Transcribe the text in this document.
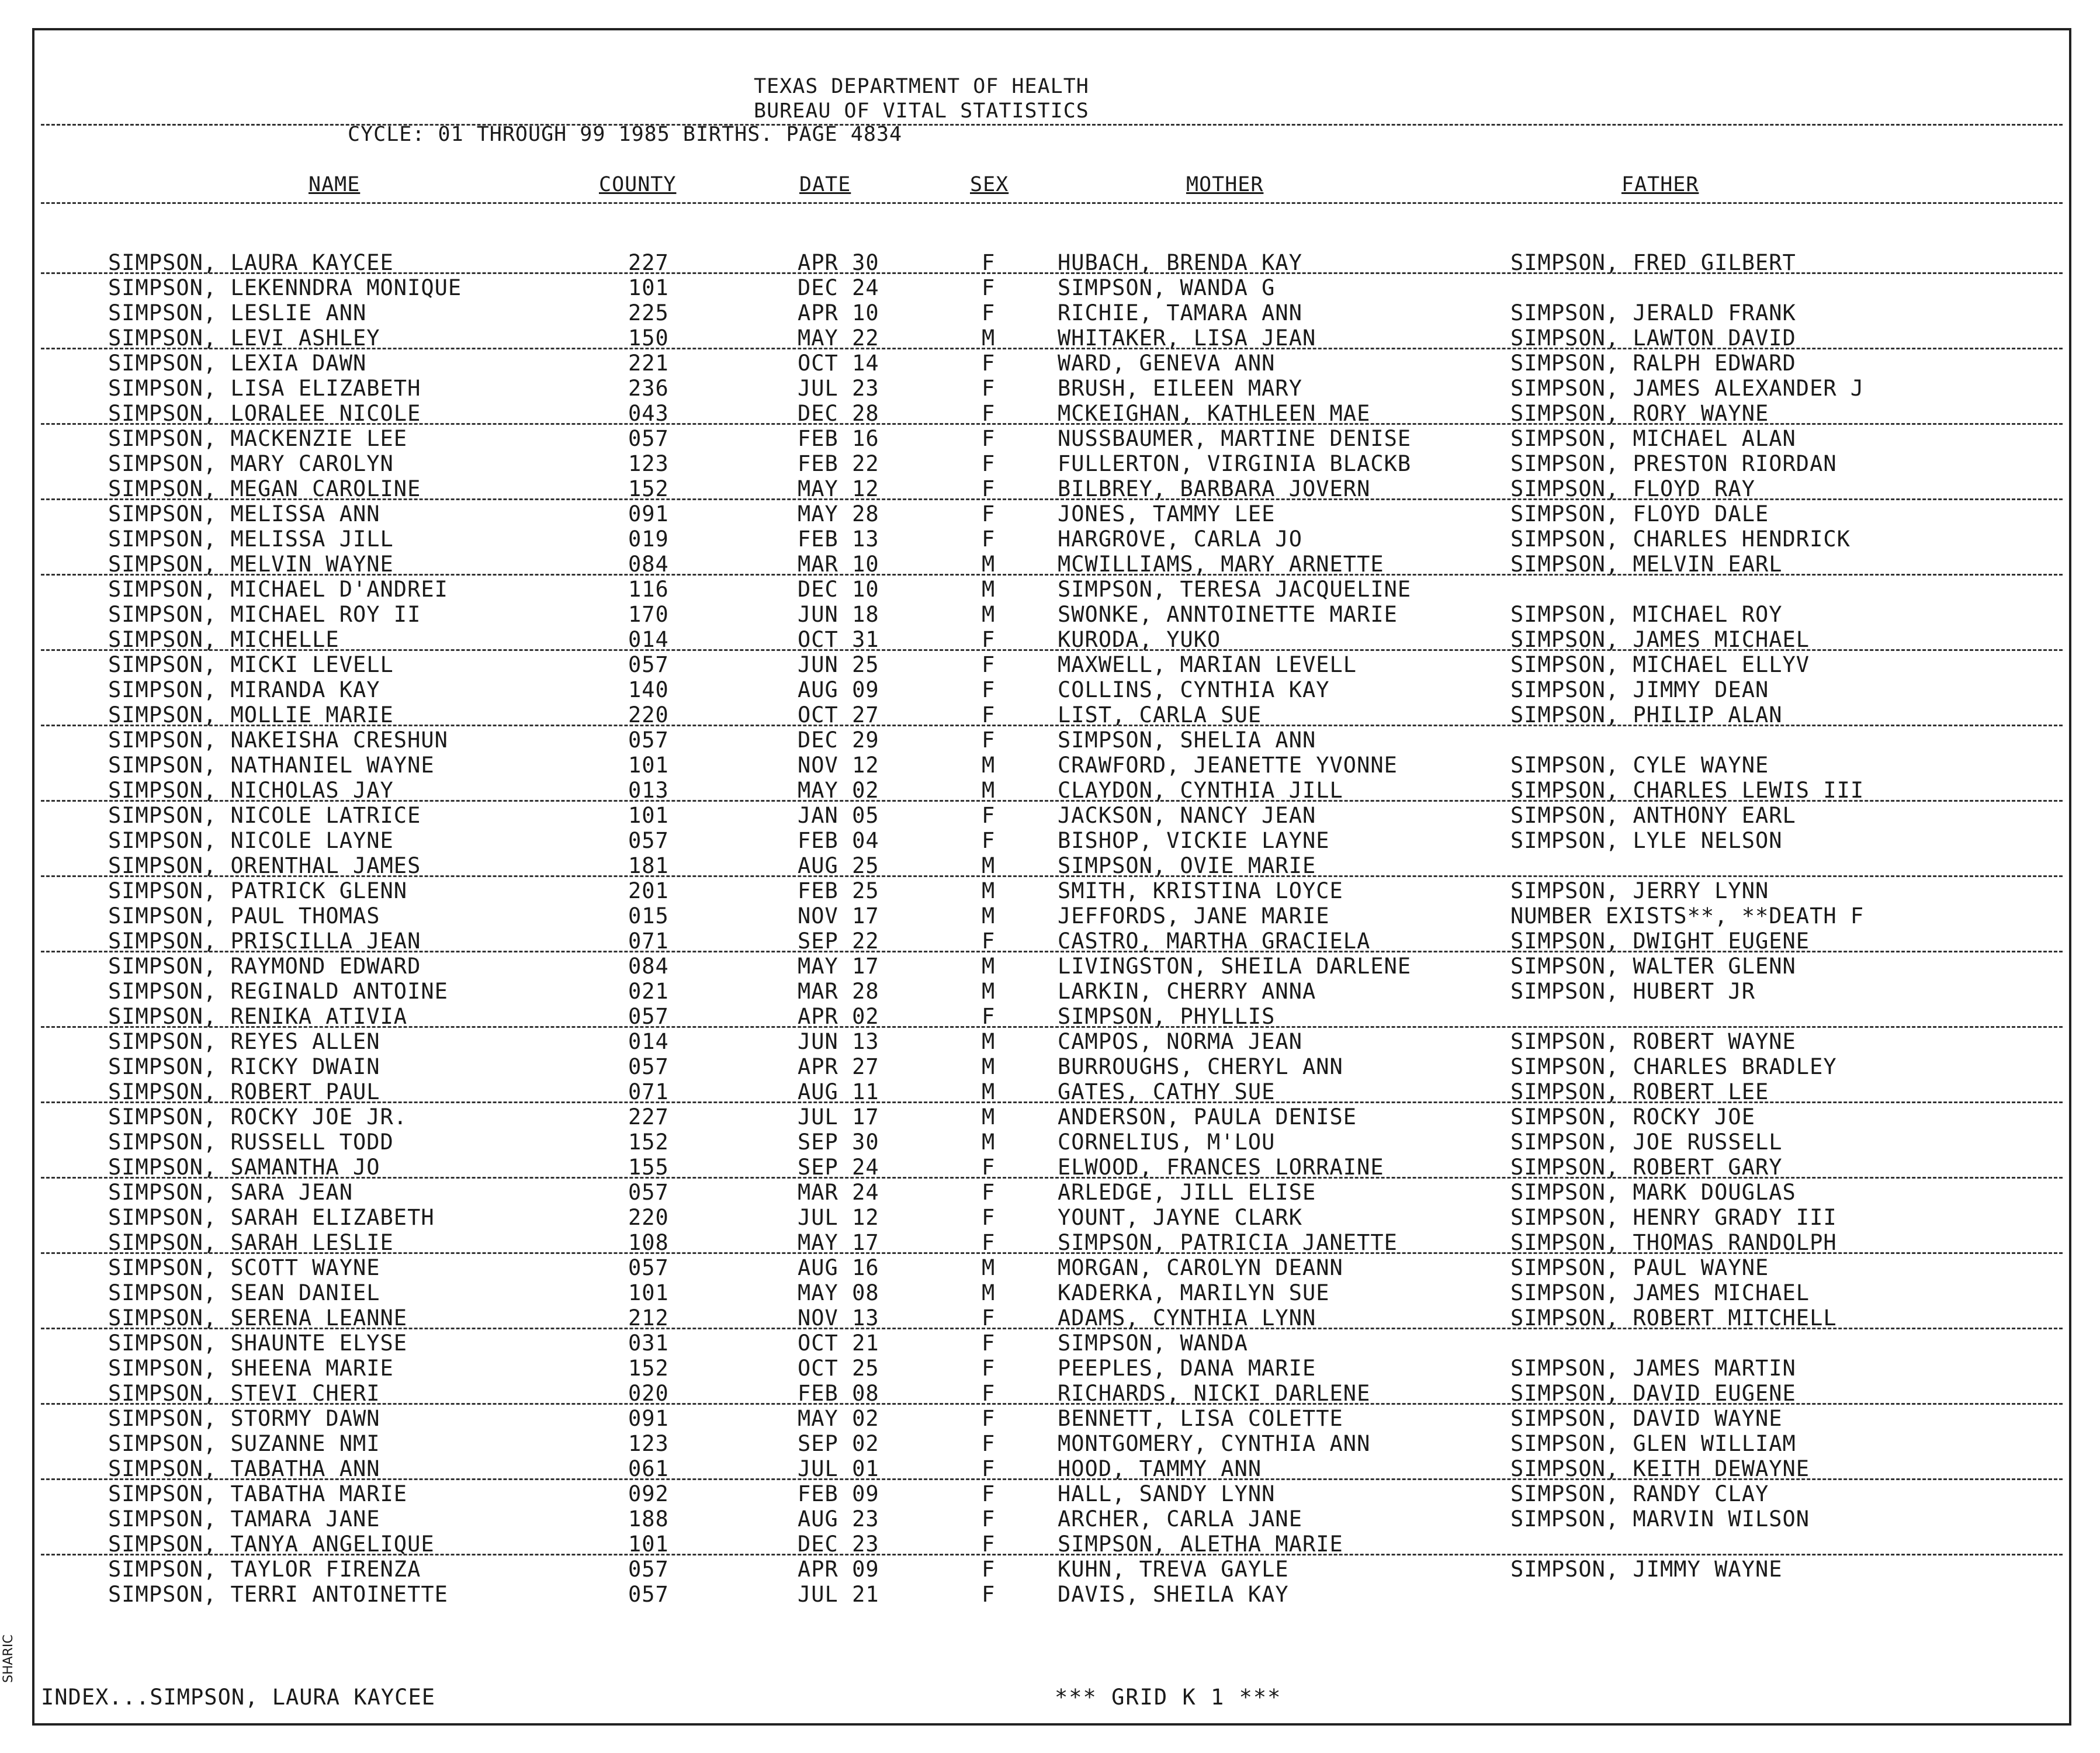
TEXAS DEPARTMENT OF HEALTH
BUREAU OF VITAL STATISTICS
CYCLE: 01 THROUGH 99 1985 BIRTHS. PAGE 4834
NAME	COUNTY	DATE	SEX	MOTHER	FATHER
SIMPSON, LAURA KAYCEE	227	APR 30	F	HUBACH, BRENDA KAY	SIMPSON, FRED GILBERT
SIMPSON, LEKENNDRA MONIQUE	101	DEC 24	F	SIMPSON, WANDA G
SIMPSON, LESLIE ANN	225	APR 10	F	RICHIE, TAMARA ANN	SIMPSON, JERALD FRANK
SIMPSON, LEVI ASHLEY	150	MAY 22	M	WHITAKER, LISA JEAN	SIMPSON, LAWTON DAVID
SIMPSON, LEXIA DAWN	221	OCT 14	F	WARD, GENEVA ANN	SIMPSON, RALPH EDWARD
SIMPSON, LISA ELIZABETH	236	JUL 23	F	BRUSH, EILEEN MARY	SIMPSON, JAMES ALEXANDER J
SIMPSON, LORALEE NICOLE	043	DEC 28	F	MCKEIGHAN, KATHLEEN MAE	SIMPSON, RORY WAYNE
SIMPSON, MACKENZIE LEE	057	FEB 16	F	NUSSBAUMER, MARTINE DENISE	SIMPSON, MICHAEL ALAN
SIMPSON, MARY CAROLYN	123	FEB 22	F	FULLERTON, VIRGINIA BLACKB	SIMPSON, PRESTON RIORDAN
SIMPSON, MEGAN CAROLINE	152	MAY 12	F	BILBREY, BARBARA JOVERN	SIMPSON, FLOYD RAY
SIMPSON, MELISSA ANN	091	MAY 28	F	JONES, TAMMY LEE	SIMPSON, FLOYD DALE
SIMPSON, MELISSA JILL	019	FEB 13	F	HARGROVE, CARLA JO	SIMPSON, CHARLES HENDRICK
SIMPSON, MELVIN WAYNE	084	MAR 10	M	MCWILLIAMS, MARY ARNETTE	SIMPSON, MELVIN EARL
SIMPSON, MICHAEL D'ANDREI	116	DEC 10	M	SIMPSON, TERESA JACQUELINE
SIMPSON, MICHAEL ROY II	170	JUN 18	M	SWONKE, ANNTOINETTE MARIE	SIMPSON, MICHAEL ROY
SIMPSON, MICHELLE	014	OCT 31	F	KURODA, YUKO	SIMPSON, JAMES MICHAEL
SIMPSON, MICKI LEVELL	057	JUN 25	F	MAXWELL, MARIAN LEVELL	SIMPSON, MICHAEL ELLYV
SIMPSON, MIRANDA KAY	140	AUG 09	F	COLLINS, CYNTHIA KAY	SIMPSON, JIMMY DEAN
SIMPSON, MOLLIE MARIE	220	OCT 27	F	LIST, CARLA SUE	SIMPSON, PHILIP ALAN
SIMPSON, NAKEISHA CRESHUN	057	DEC 29	F	SIMPSON, SHELIA ANN
SIMPSON, NATHANIEL WAYNE	101	NOV 12	M	CRAWFORD, JEANETTE YVONNE	SIMPSON, CYLE WAYNE
SIMPSON, NICHOLAS JAY	013	MAY 02	M	CLAYDON, CYNTHIA JILL	SIMPSON, CHARLES LEWIS III
SIMPSON, NICOLE LATRICE	101	JAN 05	F	JACKSON, NANCY JEAN	SIMPSON, ANTHONY EARL
SIMPSON, NICOLE LAYNE	057	FEB 04	F	BISHOP, VICKIE LAYNE	SIMPSON, LYLE NELSON
SIMPSON, ORENTHAL JAMES	181	AUG 25	M	SIMPSON, OVIE MARIE
SIMPSON, PATRICK GLENN	201	FEB 25	M	SMITH, KRISTINA LOYCE	SIMPSON, JERRY LYNN
SIMPSON, PAUL THOMAS	015	NOV 17	M	JEFFORDS, JANE MARIE	NUMBER EXISTS**, **DEATH F
SIMPSON, PRISCILLA JEAN	071	SEP 22	F	CASTRO, MARTHA GRACIELA	SIMPSON, DWIGHT EUGENE
SIMPSON, RAYMOND EDWARD	084	MAY 17	M	LIVINGSTON, SHEILA DARLENE	SIMPSON, WALTER GLENN
SIMPSON, REGINALD ANTOINE	021	MAR 28	M	LARKIN, CHERRY ANNA	SIMPSON, HUBERT JR
SIMPSON, RENIKA ATIVIA	057	APR 02	F	SIMPSON, PHYLLIS
SIMPSON, REYES ALLEN	014	JUN 13	M	CAMPOS, NORMA JEAN	SIMPSON, ROBERT WAYNE
SIMPSON, RICKY DWAIN	057	APR 27	M	BURROUGHS, CHERYL ANN	SIMPSON, CHARLES BRADLEY
SIMPSON, ROBERT PAUL	071	AUG 11	M	GATES, CATHY SUE	SIMPSON, ROBERT LEE
SIMPSON, ROCKY JOE JR.	227	JUL 17	M	ANDERSON, PAULA DENISE	SIMPSON, ROCKY JOE
SIMPSON, RUSSELL TODD	152	SEP 30	M	CORNELIUS, M'LOU	SIMPSON, JOE RUSSELL
SIMPSON, SAMANTHA JO	155	SEP 24	F	ELWOOD, FRANCES LORRAINE	SIMPSON, ROBERT GARY
SIMPSON, SARA JEAN	057	MAR 24	F	ARLEDGE, JILL ELISE	SIMPSON, MARK DOUGLAS
SIMPSON, SARAH ELIZABETH	220	JUL 12	F	YOUNT, JAYNE CLARK	SIMPSON, HENRY GRADY III
SIMPSON, SARAH LESLIE	108	MAY 17	F	SIMPSON, PATRICIA JANETTE	SIMPSON, THOMAS RANDOLPH
SIMPSON, SCOTT WAYNE	057	AUG 16	M	MORGAN, CAROLYN DEANN	SIMPSON, PAUL WAYNE
SIMPSON, SEAN DANIEL	101	MAY 08	M	KADERKA, MARILYN SUE	SIMPSON, JAMES MICHAEL
SIMPSON, SERENA LEANNE	212	NOV 13	F	ADAMS, CYNTHIA LYNN	SIMPSON, ROBERT MITCHELL
SIMPSON, SHAUNTE ELYSE	031	OCT 21	F	SIMPSON, WANDA
SIMPSON, SHEENA MARIE	152	OCT 25	F	PEEPLES, DANA MARIE	SIMPSON, JAMES MARTIN
SIMPSON, STEVI CHERI	020	FEB 08	F	RICHARDS, NICKI DARLENE	SIMPSON, DAVID EUGENE
SIMPSON, STORMY DAWN	091	MAY 02	F	BENNETT, LISA COLETTE	SIMPSON, DAVID WAYNE
SIMPSON, SUZANNE NMI	123	SEP 02	F	MONTGOMERY, CYNTHIA ANN	SIMPSON, GLEN WILLIAM
SIMPSON, TABATHA ANN	061	JUL 01	F	HOOD, TAMMY ANN	SIMPSON, KEITH DEWAYNE
SIMPSON, TABATHA MARIE	092	FEB 09	F	HALL, SANDY LYNN	SIMPSON, RANDY CLAY
SIMPSON, TAMARA JANE	188	AUG 23	F	ARCHER, CARLA JANE	SIMPSON, MARVIN WILSON
SIMPSON, TANYA ANGELIQUE	101	DEC 23	F	SIMPSON, ALETHA MARIE
SIMPSON, TAYLOR FIRENZA	057	APR 09	F	KUHN, TREVA GAYLE	SIMPSON, JIMMY WAYNE
SIMPSON, TERRI ANTOINETTE	057	JUL 21	F	DAVIS, SHEILA KAY
INDEX...SIMPSON, LAURA KAYCEE	*** GRID K 1 ***
SHARIC
